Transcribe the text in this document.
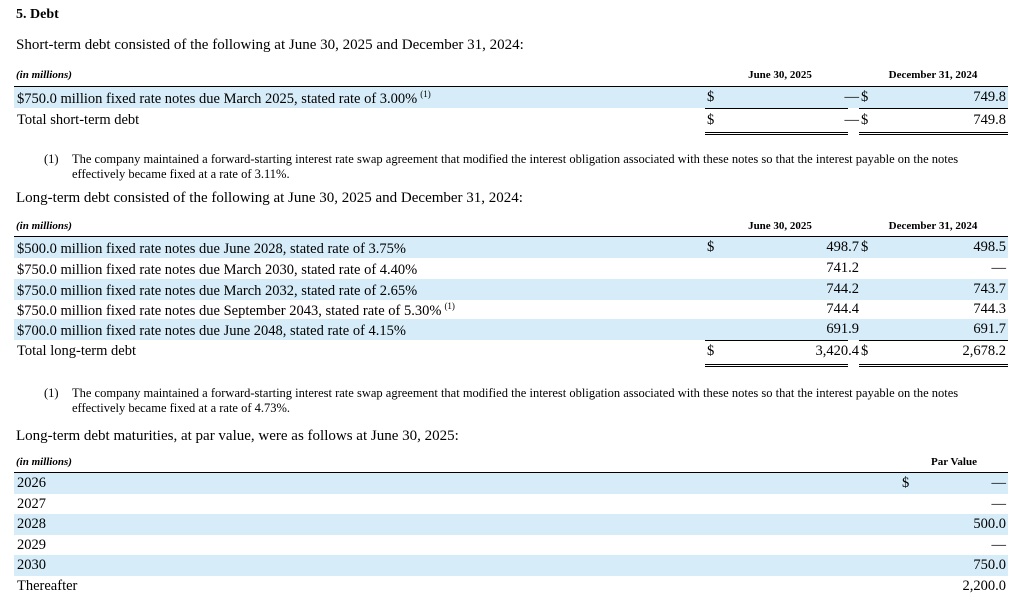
5. Debt
Short-term debt consisted of the following at June 30, 2025 and December 31, 2024:
(in millions)	June 30, 2025	December 31, 2024
$750.0 million fixed rate notes due March 2025, stated rate of 3.00% $^{(1)}$	$	— $	749.8
Total short-term debt	$	— $	749.8
(1) The company maintained a forward-starting interest rate swap agreement that modified the interest obligation associated with these notes so that the interest payable on the notes effectively became fixed at a rate of 3.11%.
Long-term debt consisted of the following at June 30, 2025 and December 31, 2024:
(in millions)	June 30, 2025	December 31, 2024
$500.0 million fixed rate notes due June 2028, stated rate of 3.75%	$	498.7 $	498.5
$750.0 million fixed rate notes due March 2030, stated rate of 4.40%	741.2	—
$750.0 million fixed rate notes due March 2032, stated rate of 2.65%	744.2	743.7
$750.0 million fixed rate notes due September 2043, stated rate of 5.30% $^{(1)}$	744.4	744.3
$700.0 million fixed rate notes due June 2048, stated rate of 4.15%	691.9	691.7
Total long-term debt	$	3,420.4 $	2,678.2
(1) The company maintained a forward-starting interest rate swap agreement that modified the interest obligation associated with these notes so that the interest payable on the notes effectively became fixed at a rate of 4.73%.
Long-term debt maturities, at par value, were as follows at June 30, 2025:
(in millions)	Par Value
2026	$	—
2027	—
2028	500.0
2029	—
2030	750.0
Thereafter	2,200.0
